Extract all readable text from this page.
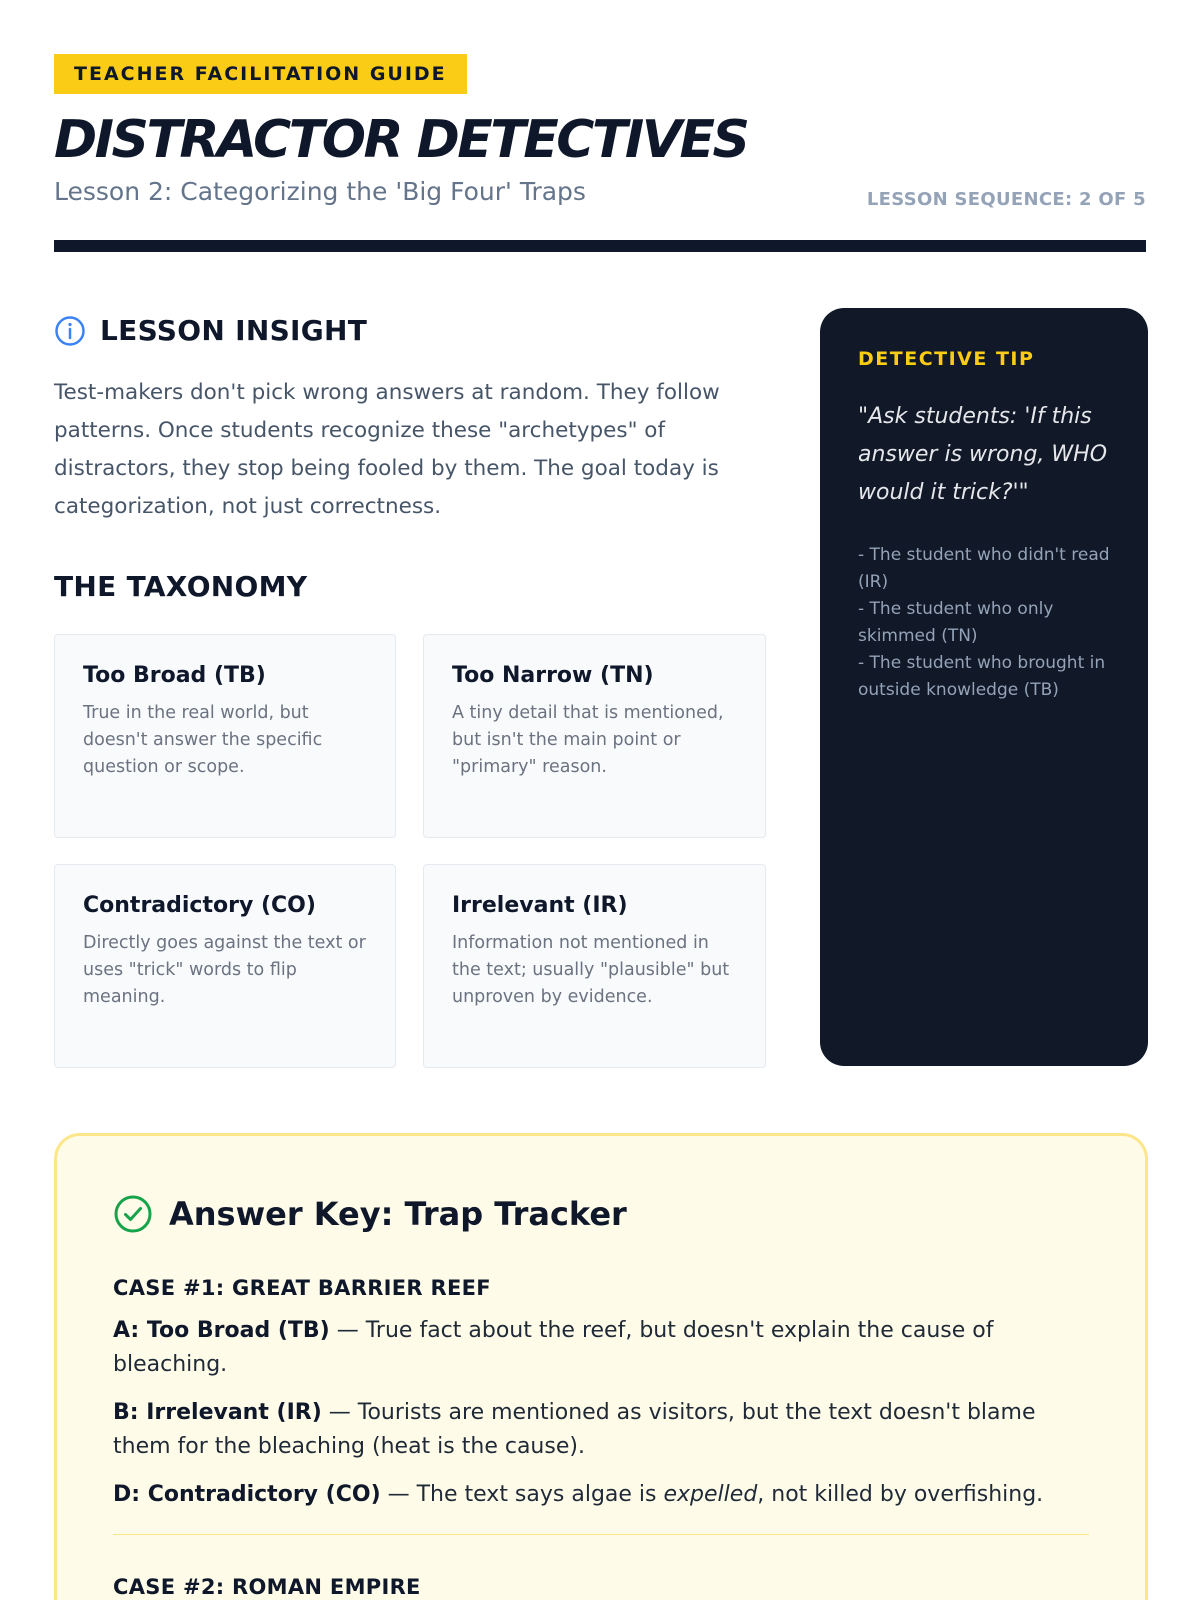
TEACHER FACILITATION GUIDE
DISTRACTOR DETECTIVES
Lesson 2: Categorizing the 'Big Four' Traps	LESSON SEQUENCE: 2 OF 5
LESSON INSIGHT

Test-makers don't pick wrong answers at random. They follow patterns. Once students recognize these "archetypes" of distractors, they stop being fooled by them. The goal today is categorization, not just correctness.

THE TAXONOMY
Too Broad (TB)

True in the real world, but doesn't answer the specific question or scope.

Too Narrow (TN)

A tiny detail that is mentioned, but isn't the main point or "primary" reason.

Contradictory (CO)

Directly goes against the text or uses "trick" words to flip meaning.

Irrelevant (IR)

Information not mentioned in the text; usually "plausible" but unproven by evidence.

DETECTIVE TIP

"Ask students: 'If this answer is wrong, WHO would it trick?'"

- The student who didn't read (IR)
- The student who only skimmed (TN)
- The student who brought in outside knowledge (TB)
Answer Key: Trap Tracker
CASE #1: GREAT BARRIER REEF

A: Too Broad (TB) — True fact about the reef, but doesn't explain the cause of bleaching.

B: Irrelevant (IR) — Tourists are mentioned as visitors, but the text doesn't blame them for the bleaching (heat is the cause).

D: Contradictory (CO) — The text says algae is expelled, not killed by overfishing.

CASE #2: ROMAN EMPIRE
